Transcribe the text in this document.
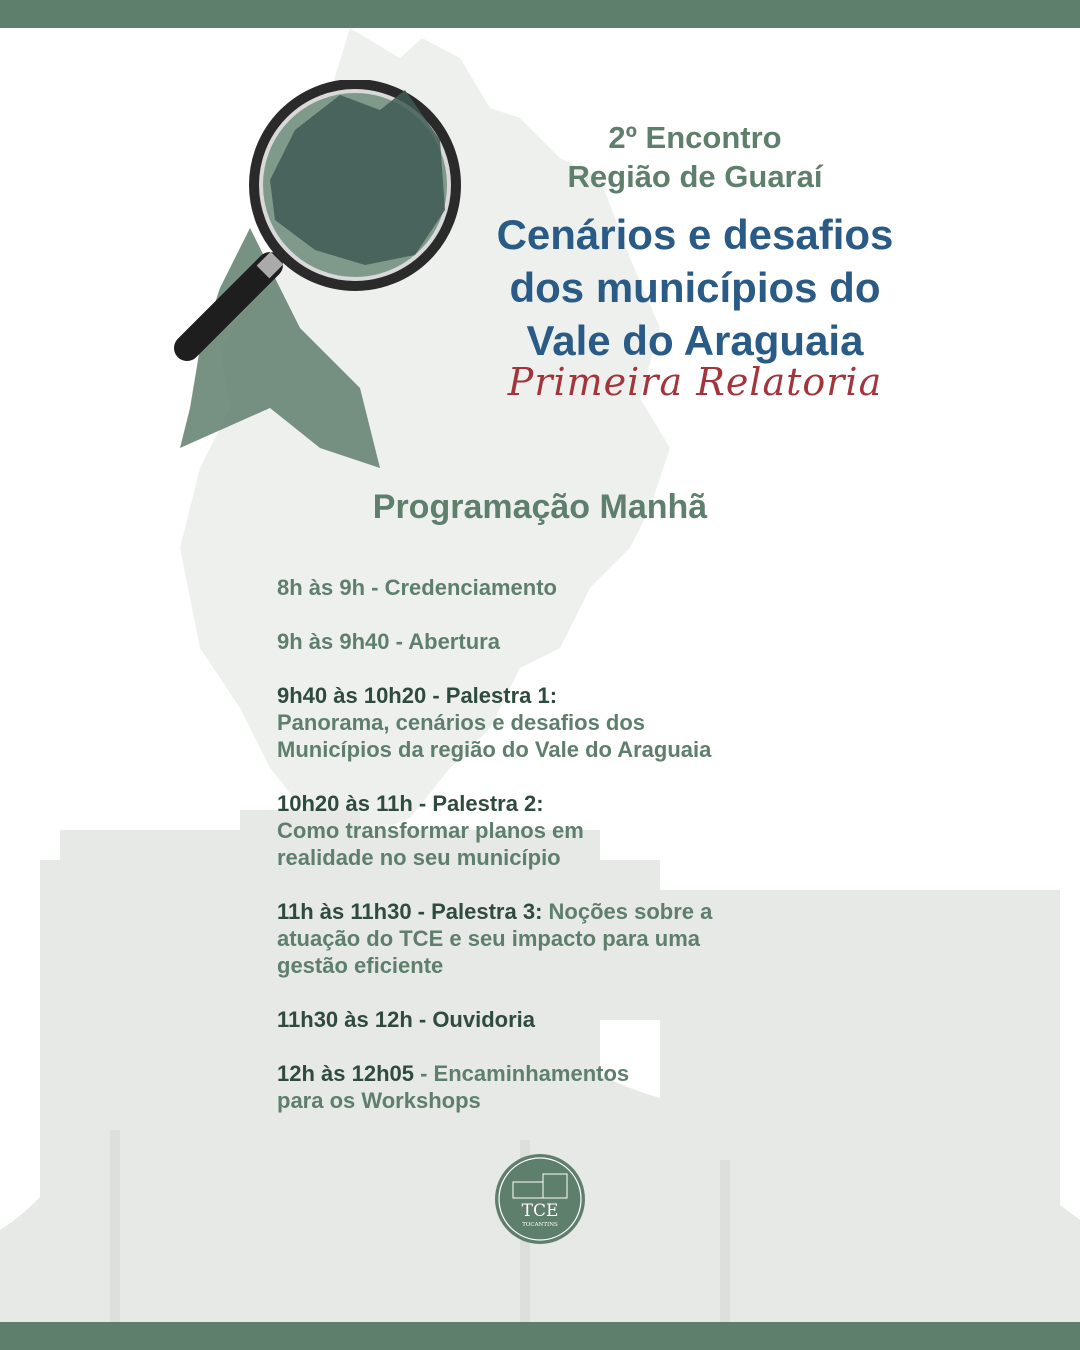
2º Encontro
Região de Guaraí

Cenários e desafios
dos municípios do
Vale do Araguaia

Primeira Relatoria

Programação Manhã
8h às 9h - Credenciamento
9h às 9h40 - Abertura
9h40 às 10h20 - Palestra 1:
Panorama, cenários e desafios dos
Municípios da região do Vale do Araguaia
10h20 às 11h - Palestra 2:
Como transformar planos em
realidade no seu município
11h às 11h30 - Palestra 3: Noções sobre a
atuação do TCE e seu impacto para uma
gestão eficiente
11h30 às 12h - Ouvidoria
12h às 12h05 - Encaminhamentos
para os Workshops
TCE
TOCANTINS
